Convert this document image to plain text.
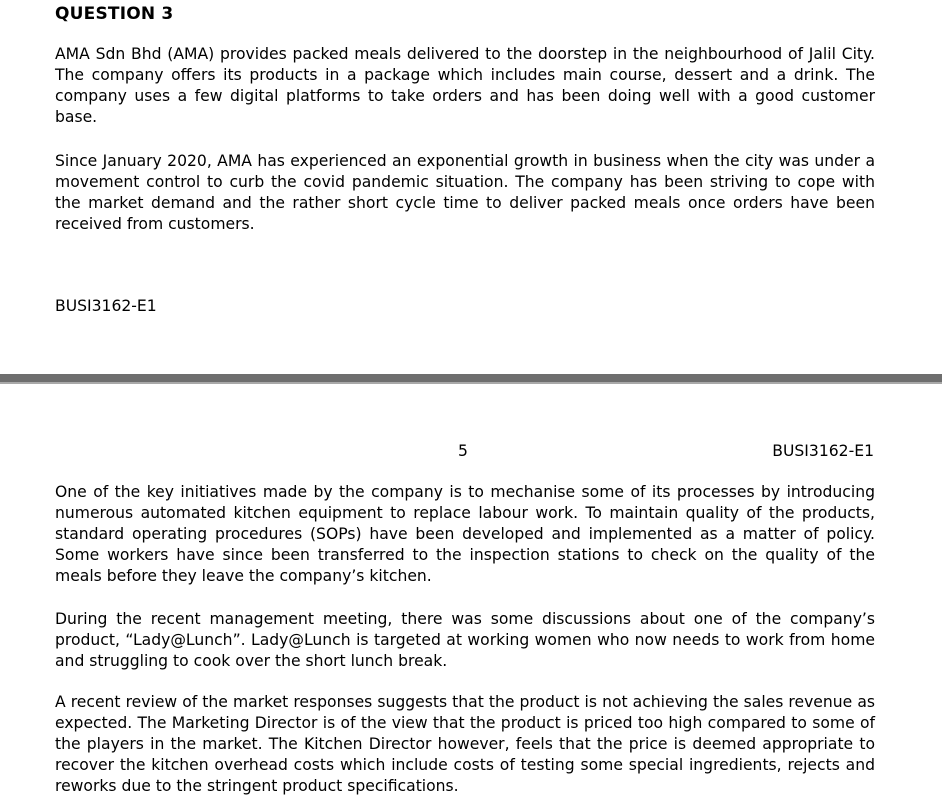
QUESTION 3

AMA Sdn Bhd (AMA) provides packed meals delivered to the doorstep in the neighbourhood of Jalil City. The company offers its products in a package which includes main course, dessert and a drink. The company uses a few digital platforms to take orders and has been doing well with a good customer base.

Since January 2020, AMA has experienced an exponential growth in business when the city was under a movement control to curb the covid pandemic situation. The company has been striving to cope with the market demand and the rather short cycle time to deliver packed meals once orders have been received from customers.

BUSI3162-E1
5	BUSI3162-E1

One of the key initiatives made by the company is to mechanise some of its processes by introducing numerous automated kitchen equipment to replace labour work. To maintain quality of the products, standard operating procedures (SOPs) have been developed and implemented as a matter of policy. Some workers have since been transferred to the inspection stations to check on the quality of the meals before they leave the company’s kitchen.

During the recent management meeting, there was some discussions about one of the company’s product, “Lady@Lunch”. Lady@Lunch is targeted at working women who now needs to work from home and struggling to cook over the short lunch break.

A recent review of the market responses suggests that the product is not achieving the sales revenue as expected. The Marketing Director is of the view that the product is priced too high compared to some of the players in the market. The Kitchen Director however, feels that the price is deemed appropriate to recover the kitchen overhead costs which include costs of testing some special ingredients, rejects and reworks due to the stringent product specifications.
